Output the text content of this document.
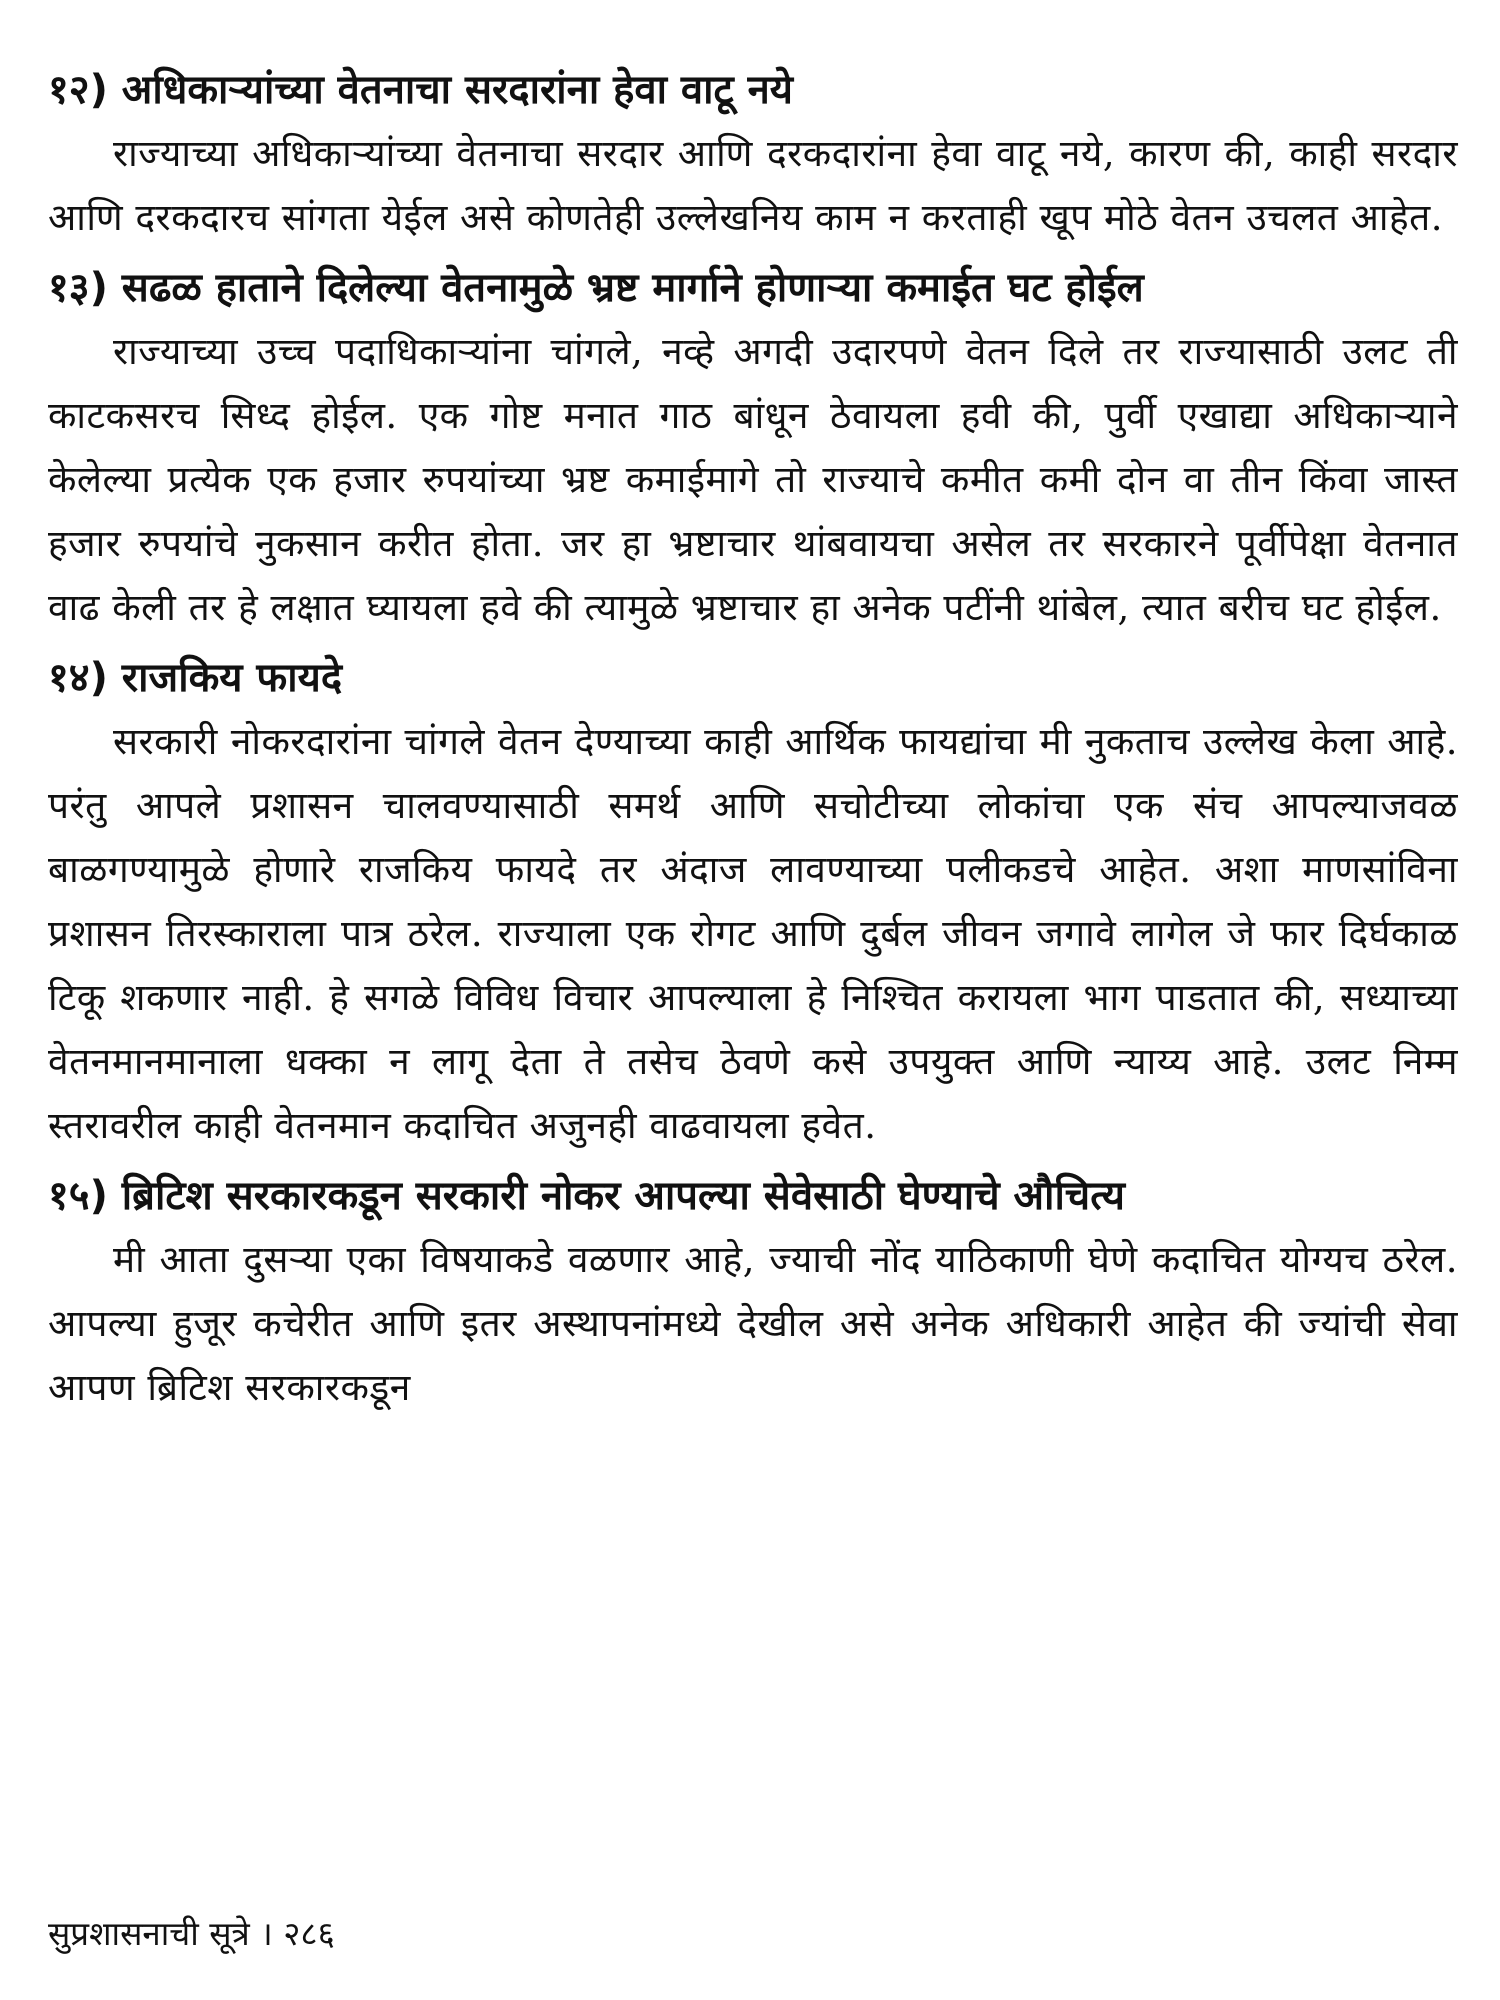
१२) अधिकाऱ्यांच्या वेतनाचा सरदारांना हेवा वाटू नये

राज्याच्या अधिकाऱ्यांच्या वेतनाचा सरदार आणि दरकदारांना हेवा वाटू नये, कारण की, काही सरदार आणि दरकदारच सांगता येईल असे कोणतेही उल्लेखनिय काम न करताही खूप मोठे वेतन उचलत आहेत.

१३) सढळ हाताने दिलेल्या वेतनामुळे भ्रष्ट मार्गाने होणाऱ्या कमाईत घट होईल

राज्याच्या उच्च पदाधिकाऱ्यांना चांगले, नव्हे अगदी उदारपणे वेतन दिले तर राज्यासाठी उलट ती काटकसरच सिध्द होईल. एक गोष्ट मनात गाठ बांधून ठेवायला हवी की, पुर्वी एखाद्या अधिकाऱ्याने केलेल्या प्रत्येक एक हजार रुपयांच्या भ्रष्ट कमाईमागे तो राज्याचे कमीत कमी दोन वा तीन किंवा जास्त हजार रुपयांचे नुकसान करीत होता. जर हा भ्रष्टाचार थांबवायचा असेल तर सरकारने पूर्वीपेक्षा वेतनात वाढ केली तर हे लक्षात घ्यायला हवे की त्यामुळे भ्रष्टाचार हा अनेक पटींनी थांबेल, त्यात बरीच घट होईल.

१४) राजकिय फायदे

सरकारी नोकरदारांना चांगले वेतन देण्याच्या काही आर्थिक फायद्यांचा मी नुकताच उल्लेख केला आहे. परंतु आपले प्रशासन चालवण्यासाठी समर्थ आणि सचोटीच्या लोकांचा एक संच आपल्याजवळ बाळगण्यामुळे होणारे राजकिय फायदे तर अंदाज लावण्याच्या पलीकडचे आहेत. अशा माणसांविना प्रशासन तिरस्काराला पात्र ठरेल. राज्याला एक रोगट आणि दुर्बल जीवन जगावे लागेल जे फार दिर्घकाळ टिकू शकणार नाही. हे सगळे विविध विचार आपल्याला हे निश्चित करायला भाग पाडतात की, सध्याच्या वेतनमानमानाला धक्का न लागू देता ते तसेच ठेवणे कसे उपयुक्त आणि न्याय्य आहे. उलट निम्म स्तरावरील काही वेतनमान कदाचित अजुनही वाढवायला हवेत.

१५) ब्रिटिश सरकारकडून सरकारी नोकर आपल्या सेवेसाठी घेण्याचे औचित्य

मी आता दुसऱ्या एका विषयाकडे वळणार आहे, ज्याची नोंद याठिकाणी घेणे कदाचित योग्यच ठरेल. आपल्या हुजूर कचेरीत आणि इतर अस्थापनांमध्ये देखील असे अनेक अधिकारी आहेत की ज्यांची सेवा आपण ब्रिटिश सरकारकडून

सुप्रशासनाची सूत्रे । २८६
